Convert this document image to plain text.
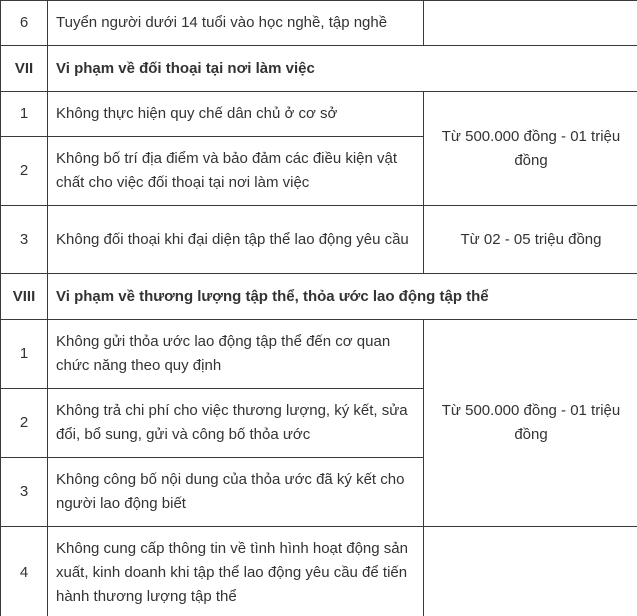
6	Tuyển người dưới 14 tuổi vào học nghề, tập nghề	
VII	Vi phạm về đối thoại tại nơi làm việc	
1	Không thực hiện quy chế dân chủ ở cơ sở	Từ 500.000 đồng - 01 triệu đồng
2	Không bố trí địa điểm và bảo đảm các điều kiện vật chất cho việc đối thoại tại nơi làm việc	
3	Không đối thoại khi đại diện tập thể lao động yêu cầu	Từ 02 - 05 triệu đồng
VIII	Vi phạm về thương lượng tập thể, thỏa ước lao động tập thể	
1	Không gửi thỏa ước lao động tập thể đến cơ quan chức năng theo quy định	Từ 500.000 đồng - 01 triệu đồng
2	Không trả chi phí cho việc thương lượng, ký kết, sửa đổi, bổ sung, gửi và công bố thỏa ước	
3	Không công bố nội dung của thỏa ước đã ký kết cho người lao động biết	
4	Không cung cấp thông tin về tình hình hoạt động sản xuất, kinh doanh khi tập thể lao động yêu cầu để tiến hành thương lượng tập thể	
